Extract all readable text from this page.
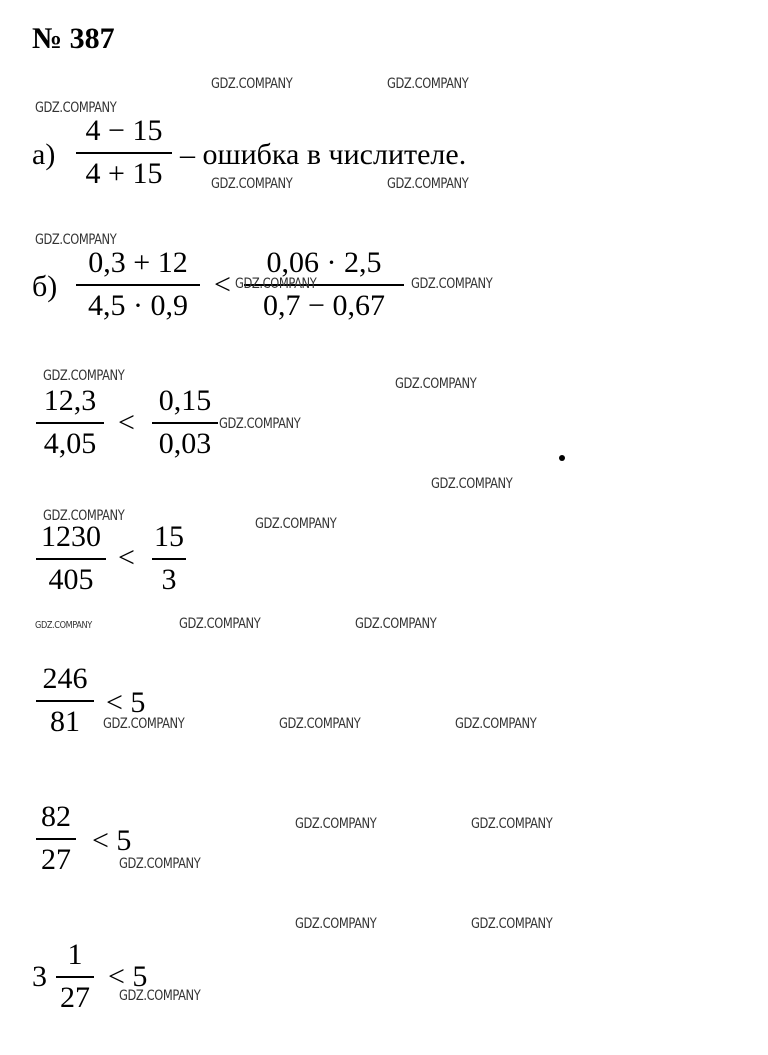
№ 387
а)
4 − 15
4 + 15
– ошибка в числителе.
б)
0,3 + 12
4,5 · 0,9
<
0,06 · 2,5
0,7 − 0,67
12,3
4,05
<
0,15
0,03
1230
405
<
15
3
246
81
< 5
82
27
< 5
3
1
27
< 5
GDZ.COMPANY	GDZ.COMPANY
GDZ.COMPANY
GDZ.COMPANY	GDZ.COMPANY
GDZ.COMPANY
GDZ.COMPANY	GDZ.COMPANY
GDZ.COMPANY	GDZ.COMPANY
GDZ.COMPANY
GDZ.COMPANY
GDZ.COMPANY	GDZ.COMPANY
GDZ.COMPANY	GDZ.COMPANY	GDZ.COMPANY
GDZ.COMPANY	GDZ.COMPANY	GDZ.COMPANY
GDZ.COMPANY	GDZ.COMPANY
GDZ.COMPANY
GDZ.COMPANY	GDZ.COMPANY
GDZ.COMPANY
